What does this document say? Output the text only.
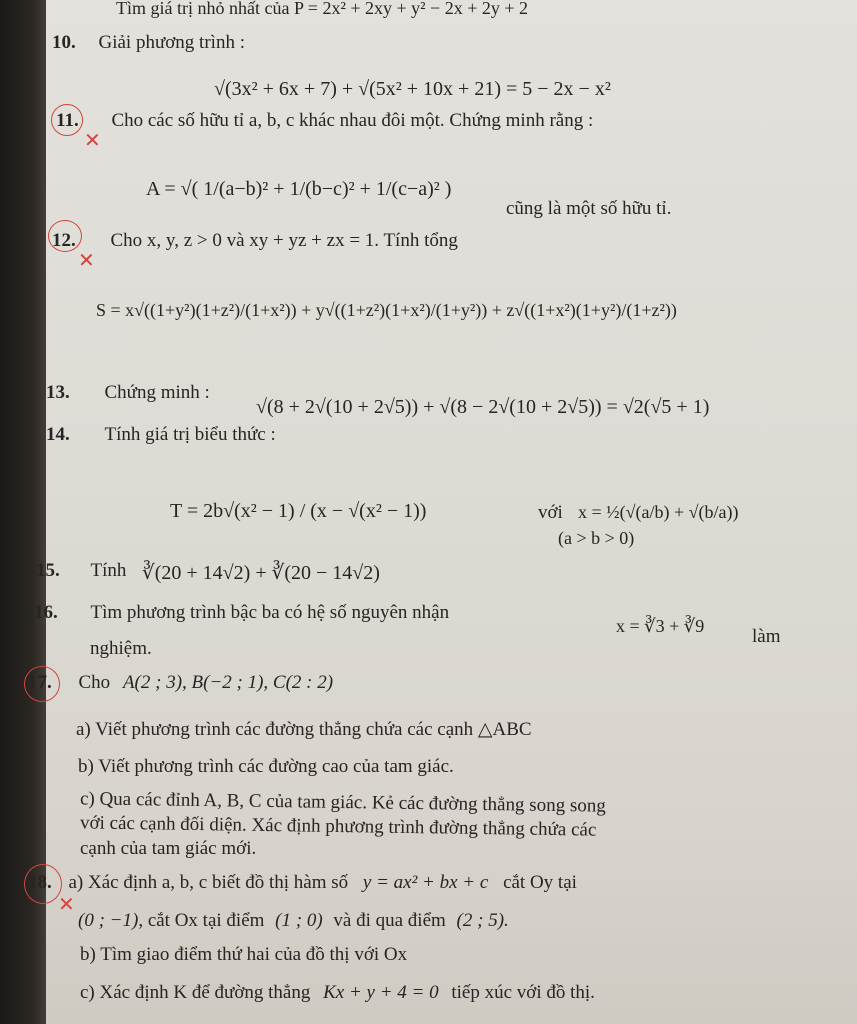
Tìm giá trị nhỏ nhất của P = 2x² + 2xy + y² − 2x + 2y + 2
10. Giải phương trình :
√(3x² + 6x + 7) + √(5x² + 10x + 21) = 5 − 2x − x²
✕
11. Cho các số hữu tỉ a, b, c khác nhau đôi một. Chứng minh rằng :
A = √( 1/(a−b)² + 1/(b−c)² + 1/(c−a)² )
cũng là một số hữu tỉ.
✕
12. Cho x, y, z > 0 và xy + yz + zx = 1. Tính tổng
S = x√((1+y²)(1+z²)/(1+x²)) + y√((1+z²)(1+x²)/(1+y²)) + z√((1+x²)(1+y²)/(1+z²))
13. Chứng minh :
√(8 + 2√(10 + 2√5)) + √(8 − 2√(10 + 2√5)) = √2(√5 + 1)
14. Tính giá trị biểu thức :
T = 2b√(x² − 1) / (x − √(x² − 1))	với x = ½(√(a/b) + √(b/a))
(a > b > 0)
15. Tính ∛(20 + 14√2) + ∛(20 − 14√2)
16. Tìm phương trình bậc ba có hệ số nguyên nhận
x = ∛3 + ∛9	làm
nghiệm.
17. Cho A(2 ; 3), B(−2 ; 1), C(2 : 2)
a) Viết phương trình các đường thẳng chứa các cạnh △ABC
b) Viết phương trình các đường cao của tam giác.
c) Qua các đỉnh A, B, C của tam giác. Kẻ các đường thẳng song song
với các cạnh đối diện. Xác định phương trình đường thẳng chứa các
cạnh của tam giác mới.
✕
18. a) Xác định a, b, c biết đồ thị hàm số y = ax² + bx + c cắt Oy tại
(0 ; −1), cắt Ox tại điểm (1 ; 0) và đi qua điểm (2 ; 5).
b) Tìm giao điểm thứ hai của đồ thị với Ox
c) Xác định K để đường thẳng Kx + y + 4 = 0 tiếp xúc với đồ thị.
